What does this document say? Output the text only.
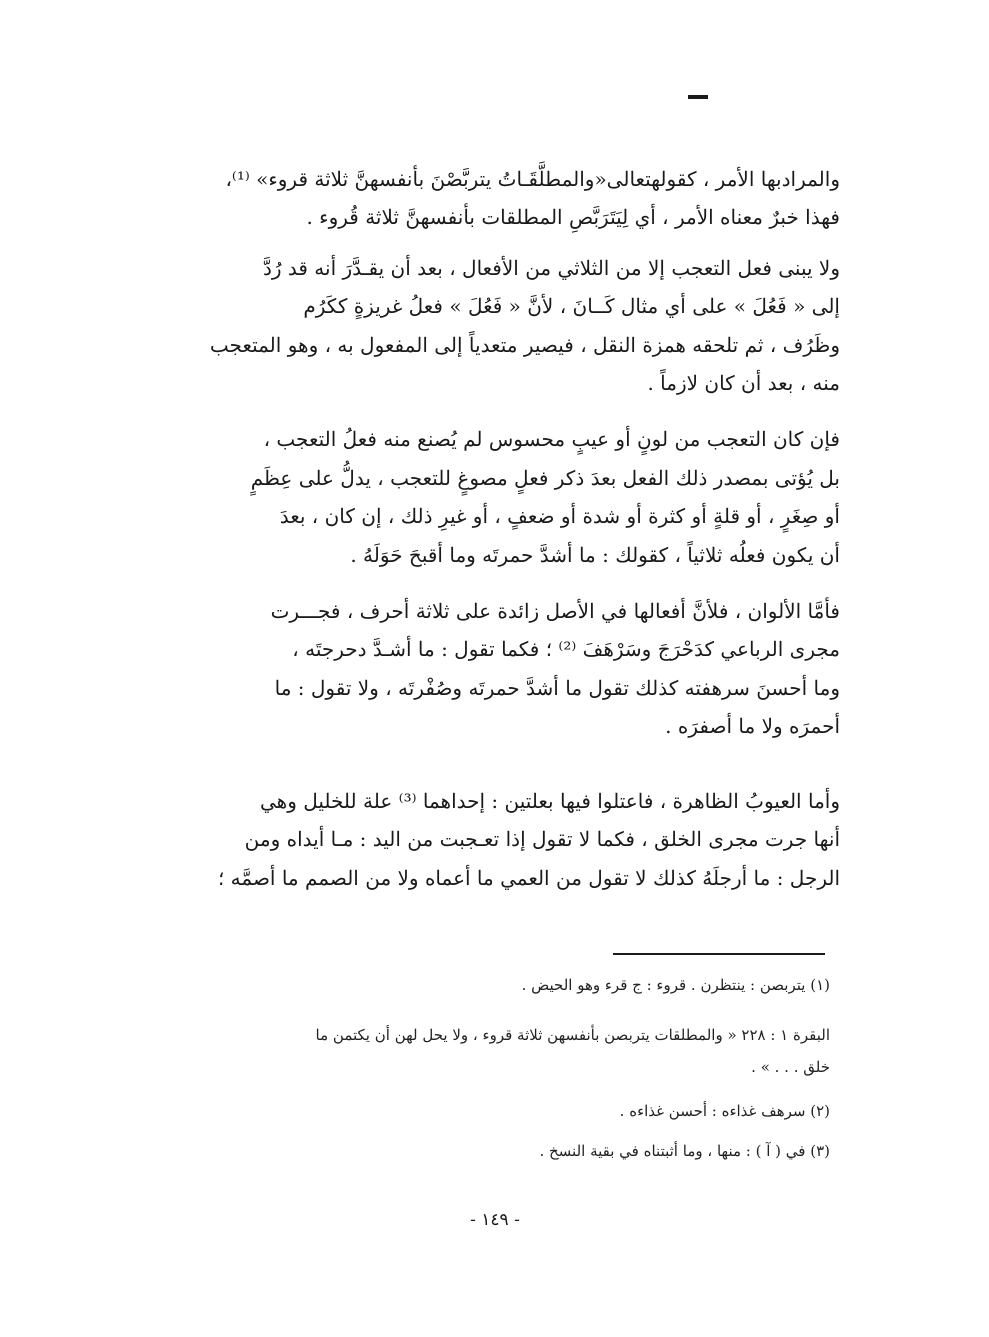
والمرادبها الأمر ، كقولهتعالى«والمطلَّقَـاتُ يتربَّصْنَ بأنفسهنَّ ثلاثة قروء» ⁽¹⁾،
فهذا خبرٌ معناه الأمر ، أي لِيَتَرَبَّصِ المطلقات بأنفسهنَّ ثلاثة قُروء .

ولا يبنى فعل التعجب إلا من الثلاثي من الأفعال ، بعد أن يقـدَّرَ أنه قد رُدَّ
إلى « فَعُلَ » على أي مثال كَــانَ ، لأنَّ « فَعُلَ » فعلُ غريزةٍ ككَرُم
وظَرُف ، ثم تلحقه همزة النقل ، فيصير متعدياً إلى المفعول به ، وهو المتعجب
منه ، بعد أن كان لازماً .

فإن كان التعجب من لونٍ أو عيبٍ محسوس لم يُصنع منه فعلُ التعجب ،
بل يُؤتى بمصدر ذلك الفعل بعدَ ذكر فعلٍ مصوغٍ للتعجب ، يدلُّ على عِظَمٍ
أو صِغَرٍ ، أو قلةٍ أو كثرة أو شدة أو ضعفٍ ، أو غيرِ ذلك ، إن كان ، بعدَ
أن يكون فعلُه ثلاثياً ، كقولك : ما أشدَّ حمرتَه وما أقبحَ حَوَلَهُ .

فأمَّا الألوان ، فلأنَّ أفعالها في الأصل زائدة على ثلاثة أحرف ، فجـــرت
مجرى الرباعي كدَحْرَجَ وسَرْهَفَ ⁽²⁾ ؛ فكما تقول : ما أشـدَّ دحرجتَه ،
وما أحسنَ سرهفته كذلك تقول ما أشدَّ حمرتَه وصُفْرتَه ، ولا تقول : ما
أحمرَه ولا ما أصفرَه .

وأما العيوبُ الظاهرة ، فاعتلوا فيها بعلتين : إحداهما ⁽³⁾ علة للخليل وهي
أنها جرت مجرى الخلق ، فكما لا تقول إذا تعـجبت من اليد : مـا أيداه ومن
الرجل : ما أرجلَهُ كذلك لا تقول من العمي ما أعماه ولا من الصمم ما أصمَّه ؛

(١) يتربصن : ينتظرن . قروء : ج قرء وهو الحيض .
البقرة ١ : ٢٢٨ « والمطلقات يتربصن بأنفسهن ثلاثة قروء ، ولا يحل لهن أن يكتمن ما
خلق . . . » .
(٢) سرهف غذاءه : أحسن غذاءه .
(٣) في ( آ ) : منها ، وما أثبتناه في بقية النسخ .
- ١٤٩ -
